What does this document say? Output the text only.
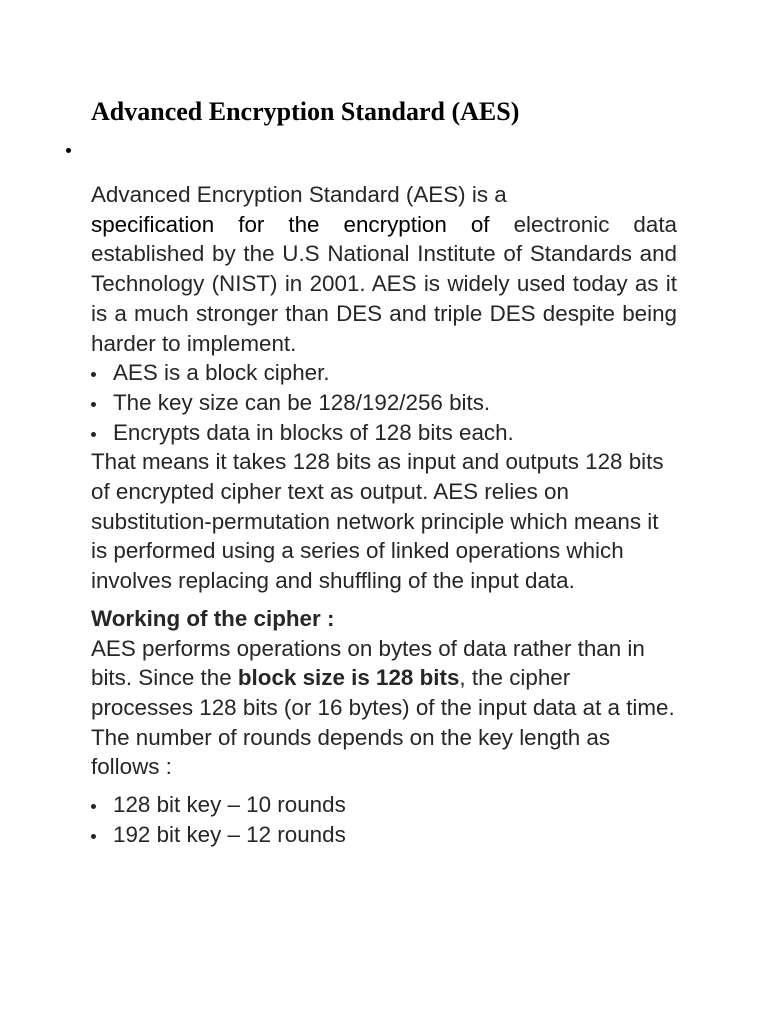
Advanced Encryption Standard (AES)

Advanced Encryption Standard (AES) is a
specification for the encryption of electronic data established by the U.S National Institute of Standards and Technology (NIST) in 2001. AES is widely used today as it is a much stronger than DES and triple DES despite being harder to implement.

AES is a block cipher.
The key size can be 128/192/256 bits.
Encrypts data in blocks of 128 bits each.

That means it takes 128 bits as input and outputs 128 bits of encrypted cipher text as output. AES relies on substitution-permutation network principle which means it is performed using a series of linked operations which involves replacing and shuffling of the input data.

Working of the cipher :

AES performs operations on bytes of data rather than in bits. Since the block size is 128 bits, the cipher processes 128 bits (or 16 bytes) of the input data at a time.

The number of rounds depends on the key length as follows :

128 bit key – 10 rounds
192 bit key – 12 rounds
